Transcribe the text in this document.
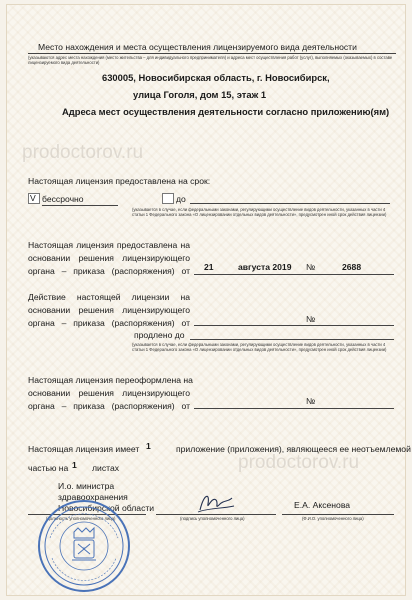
Место нахождения и места осуществления лицензируемого вида деятельности
(указываются адрес места нахождения (место жительства – для индивидуального предпринимателя) и адреса мест осуществления работ (услуг), выполняемых (оказываемых) в составе лицензируемого вида деятельности)
630005, Новосибирская область, г. Новосибирск,
улица Гоголя, дом 15, этаж 1
Адреса мест осуществления деятельности согласно приложению(ям)
prodoctorov.ru
Настоящая лицензия предоставлена на срок:
V бессрочно	до
(указывается в случае, если федеральными законами, регулирующими осуществление видов деятельности, указанных в части 4 статьи 1 Федерального закона «О лицензировании отдельных видов деятельности», предусмотрен иной срок действия лицензии)
Настоящая лицензия предоставлена на
основании решения лицензирующего
органа – приказа (распоряжения) от 21	августа 2019 №	2688
Действие настоящей лицензии на
основании решения лицензирующего
органа – приказа (распоряжения) от	№
продлено до
(указывается в случае, если федеральными законами, регулирующими осуществление видов деятельности, указанных в части 4 статьи 1 Федерального закона «О лицензировании отдельных видов деятельности», предусмотрен иной срок действия лицензии)
Настоящая лицензия переоформлена на
основании решения лицензирующего
органа – приказа (распоряжения) от	№
Настоящая лицензия имеет 1	приложение (приложения), являющееся ее неотъемлемой
частью на 1 листах	prodoctorov.ru
И.о. министра
здравоохранения
Новосибирской области
(должность уполномоченного лица)	(подпись уполномоченного лица)
Е.А. Аксенова
(Ф.И.О. уполномоченного лица)
★
